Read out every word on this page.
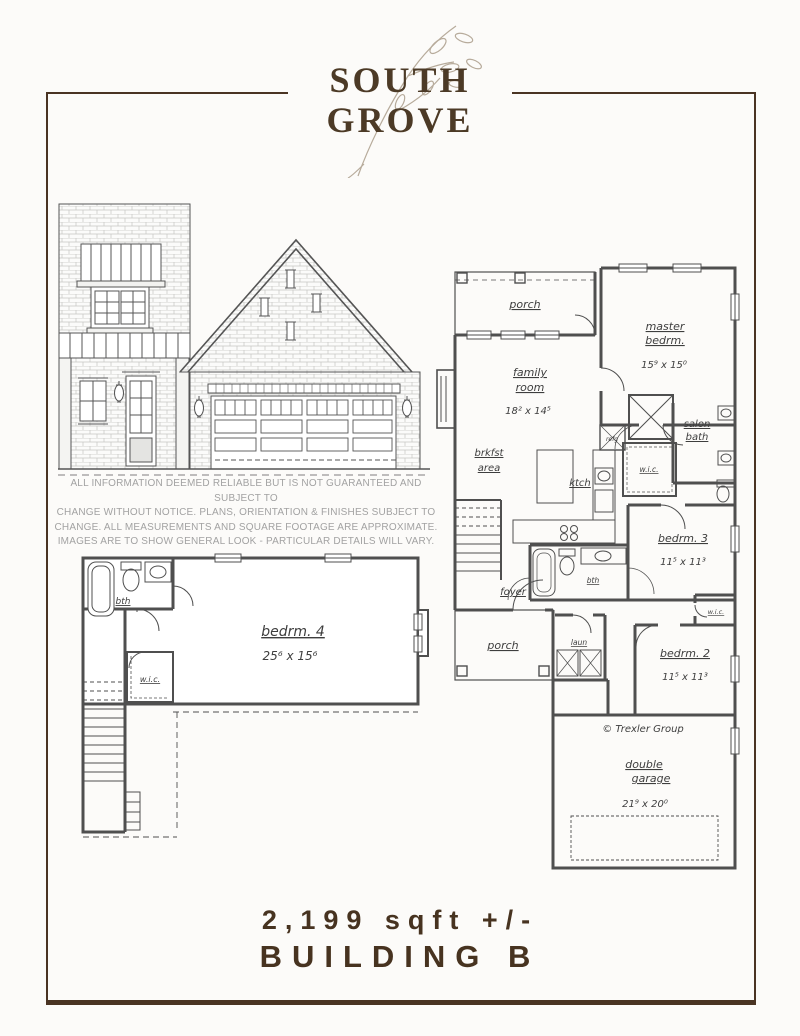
SOUTH
GROVE
ALL INFORMATION DEEMED RELIABLE BUT IS NOT GUARANTEED AND SUBJECT TO
CHANGE WITHOUT NOTICE. PLANS, ORIENTATION & FINISHES SUBJECT TO
CHANGE. ALL MEASUREMENTS AND SQUARE FOOTAGE ARE APPROXIMATE.
IMAGES ARE TO SHOW GENERAL LOOK - PARTICULAR DETAILS WILL VARY.
bth
bedrm. 4
25⁶ x 15⁶
w.i.c.
porch
master
bedrm.
15⁹ x 15⁰
family
room
18² x 14⁵
salon
bath
w.i.c.
brkfst
area
ktch
refg
bedrm. 3
11⁵ x 11³
bth
foyer
porch	laun
bedrm. 2
11⁵ x 11³
w.i.c.
© Trexler Group
double
garage
21⁹ x 20⁰
2,199 sqft +/-
BUILDING B
